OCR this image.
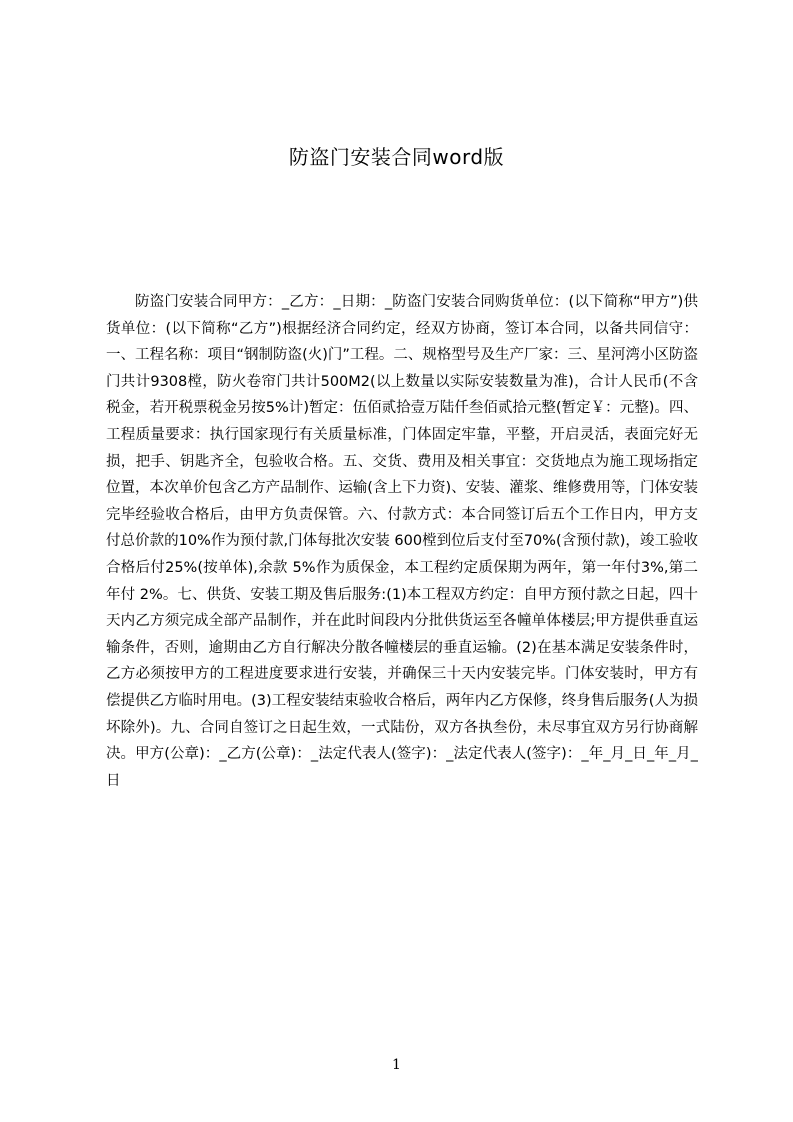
防盗门安装合同word版
防盗门安装合同甲方：_乙方：_日期：_防盗门安装合同购货单位：(以下简称“甲方”)供货单位：(以下简称“乙方”)根据经济合同约定，经双方协商，签订本合同，以备共同信守：一、工程名称：项目“钢制防盗(火)门”工程。二、规格型号及生产厂家：三、星河湾小区防盗门共计9308樘，防火卷帘门共计500M2(以上数量以实际安装数量为准)，合计人民币(不含税金，若开税票税金另按5%计)暂定：伍佰贰拾壹万陆仟叁佰贰拾元整(暂定￥：元整)。四、工程质量要求：执行国家现行有关质量标准，门体固定牢靠，平整，开启灵活，表面完好无损，把手、钥匙齐全，包验收合格。五、交货、费用及相关事宜：交货地点为施工现场指定位置，本次单价包含乙方产品制作、运输(含上下力资)、安装、灌浆、维修费用等，门体安装完毕经验收合格后，由甲方负责保管。六、付款方式：本合同签订后五个工作日内，甲方支付总价款的10%作为预付款,门体每批次安装 600樘到位后支付至70%(含预付款)，竣工验收合格后付25%(按单体),余款 5%作为质保金，本工程约定质保期为两年，第一年付3%,第二年付 2%。七、供货、安装工期及售后服务:(1)本工程双方约定：自甲方预付款之日起，四十天内乙方须完成全部产品制作，并在此时间段内分批供货运至各幢单体楼层;甲方提供垂直运输条件，否则，逾期由乙方自行解决分散各幢楼层的垂直运输。(2)在基本满足安装条件时，乙方必须按甲方的工程进度要求进行安装，并确保三十天内安装完毕。门体安装时，甲方有偿提供乙方临时用电。(3)工程安装结束验收合格后，两年内乙方保修，终身售后服务(人为损坏除外)。九、合同自签订之日起生效，一式陆份，双方各执叁份，未尽事宜双方另行协商解决。甲方(公章)：_乙方(公章)：_法定代表人(签字)：_法定代表人(签字)：_年_月_日_年_月_日
1
